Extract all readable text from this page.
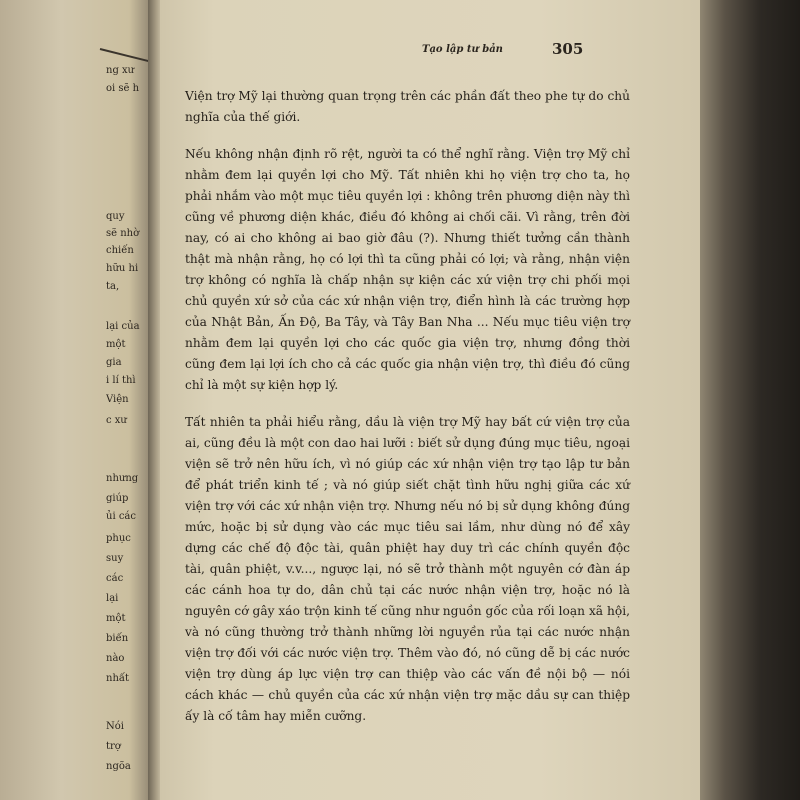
ng xư
oi sẽ h
quy
sẽ nhờ
chiến
hữu hi
ta,
lại của
một
gia
i lí thì
Viện
c xư
nhưng
giúp
ủi các
phục
suy
các
lại
một
biến
nào
nhất
Nói
trợ
ngõa
Tạo lập tư bản	305

Viện trợ Mỹ lại thường quan trọng trên các phần đất theo phe tự do chủ nghĩa của thế giới.

Nếu không nhận định rõ rệt, người ta có thể nghĩ rằng. Viện trợ Mỹ chỉ nhằm đem lại quyền lợi cho Mỹ. Tất nhiên khi họ viện trợ cho ta, họ phải nhắm vào một mục tiêu quyền lợi : không trên phương diện này thì cũng về phương diện khác, điều đó không ai chối cãi. Vì rằng, trên đời nay, có ai cho không ai bao giờ đâu (?). Nhưng thiết tưởng cần thành thật mà nhận rằng, họ có lợi thì ta cũng phải có lợi; và rằng, nhận viện trợ không có nghĩa là chấp nhận sự kiện các xứ viện trợ chi phối mọi chủ quyền xứ sở của các xứ nhận viện trợ, điển hình là các trường hợp của Nhật Bản, Ấn Độ, Ba Tây, và Tây Ban Nha ... Nếu mục tiêu viện trợ nhằm đem lại quyền lợi cho các quốc gia viện trợ, nhưng đồng thời cũng đem lại lợi ích cho cả các quốc gia nhận viện trợ, thì điều đó cũng chỉ là một sự kiện hợp lý.

Tất nhiên ta phải hiểu rằng, dầu là viện trợ Mỹ hay bất cứ viện trợ của ai, cũng đều là một con dao hai lưỡi : biết sử dụng đúng mục tiêu, ngoại viện sẽ trở nên hữu ích, vì nó giúp các xứ nhận viện trợ tạo lập tư bản để phát triển kinh tế ; và nó giúp siết chặt tình hữu nghị giữa các xứ viện trợ với các xứ nhận viện trợ. Nhưng nếu nó bị sử dụng không đúng mức, hoặc bị sử dụng vào các mục tiêu sai lầm, như dùng nó để xây dựng các chế độ độc tài, quân phiệt hay duy trì các chính quyền độc tài, quân phiệt, v.v..., ngược lại, nó sẽ trở thành một nguyên cớ đàn áp các cánh hoa tự do, dân chủ tại các nước nhận viện trợ, hoặc nó là nguyên cớ gây xáo trộn kinh tế cũng như nguồn gốc của rối loạn xã hội, và nó cũng thường trở thành những lời nguyền rủa tại các nước nhận viện trợ đối với các nước viện trợ. Thêm vào đó, nó cũng dễ bị các nước viện trợ dùng áp lực viện trợ can thiệp vào các vấn đề nội bộ — nói cách khác — chủ quyền của các xứ nhận viện trợ mặc dầu sự can thiệp ấy là cố tâm hay miễn cưỡng.
